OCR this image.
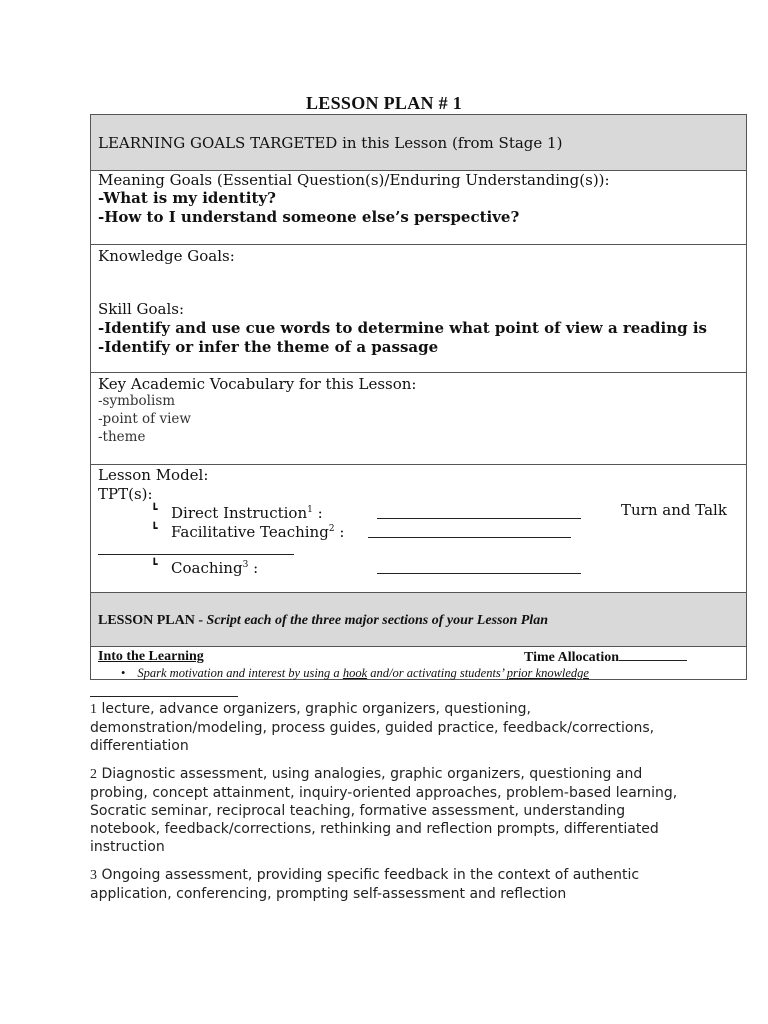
LESSON PLAN # 1
LEARNING GOALS TARGETED in this Lesson (from Stage 1)
Meaning Goals (Essential Question(s)/Enduring Understanding(s)):
-What is my identity?
-How to I understand someone else’s perspective?
Knowledge Goals:
Skill Goals:
-Identify and use cue words to determine what point of view a reading is
-Identify or infer the theme of a passage
Key Academic Vocabulary for this Lesson:
-symbolism
-point of view
-theme
Lesson Model:
TPT(s):
┗ Direct Instruction$^1$ :	Turn and Talk
┗ Facilitative Teaching$^2$ :
┗ Coaching$^3$ :
LESSON PLAN - Script each of the three major sections of your Lesson Plan
Into the Learning	Time Allocation
• Spark motivation and interest by using a hook and/or activating students’ prior knowledge
1 lecture, advance organizers, graphic organizers, questioning, demonstration/modeling, process guides, guided practice, feedback/corrections, differentiation
2 Diagnostic assessment, using analogies, graphic organizers, questioning and probing, concept attainment, inquiry-oriented approaches, problem-based learning, Socratic seminar, reciprocal teaching, formative assessment, understanding notebook, feedback/corrections, rethinking and reflection prompts, differentiated instruction
3 Ongoing assessment, providing specific feedback in the context of authentic application, conferencing, prompting self-assessment and reflection
